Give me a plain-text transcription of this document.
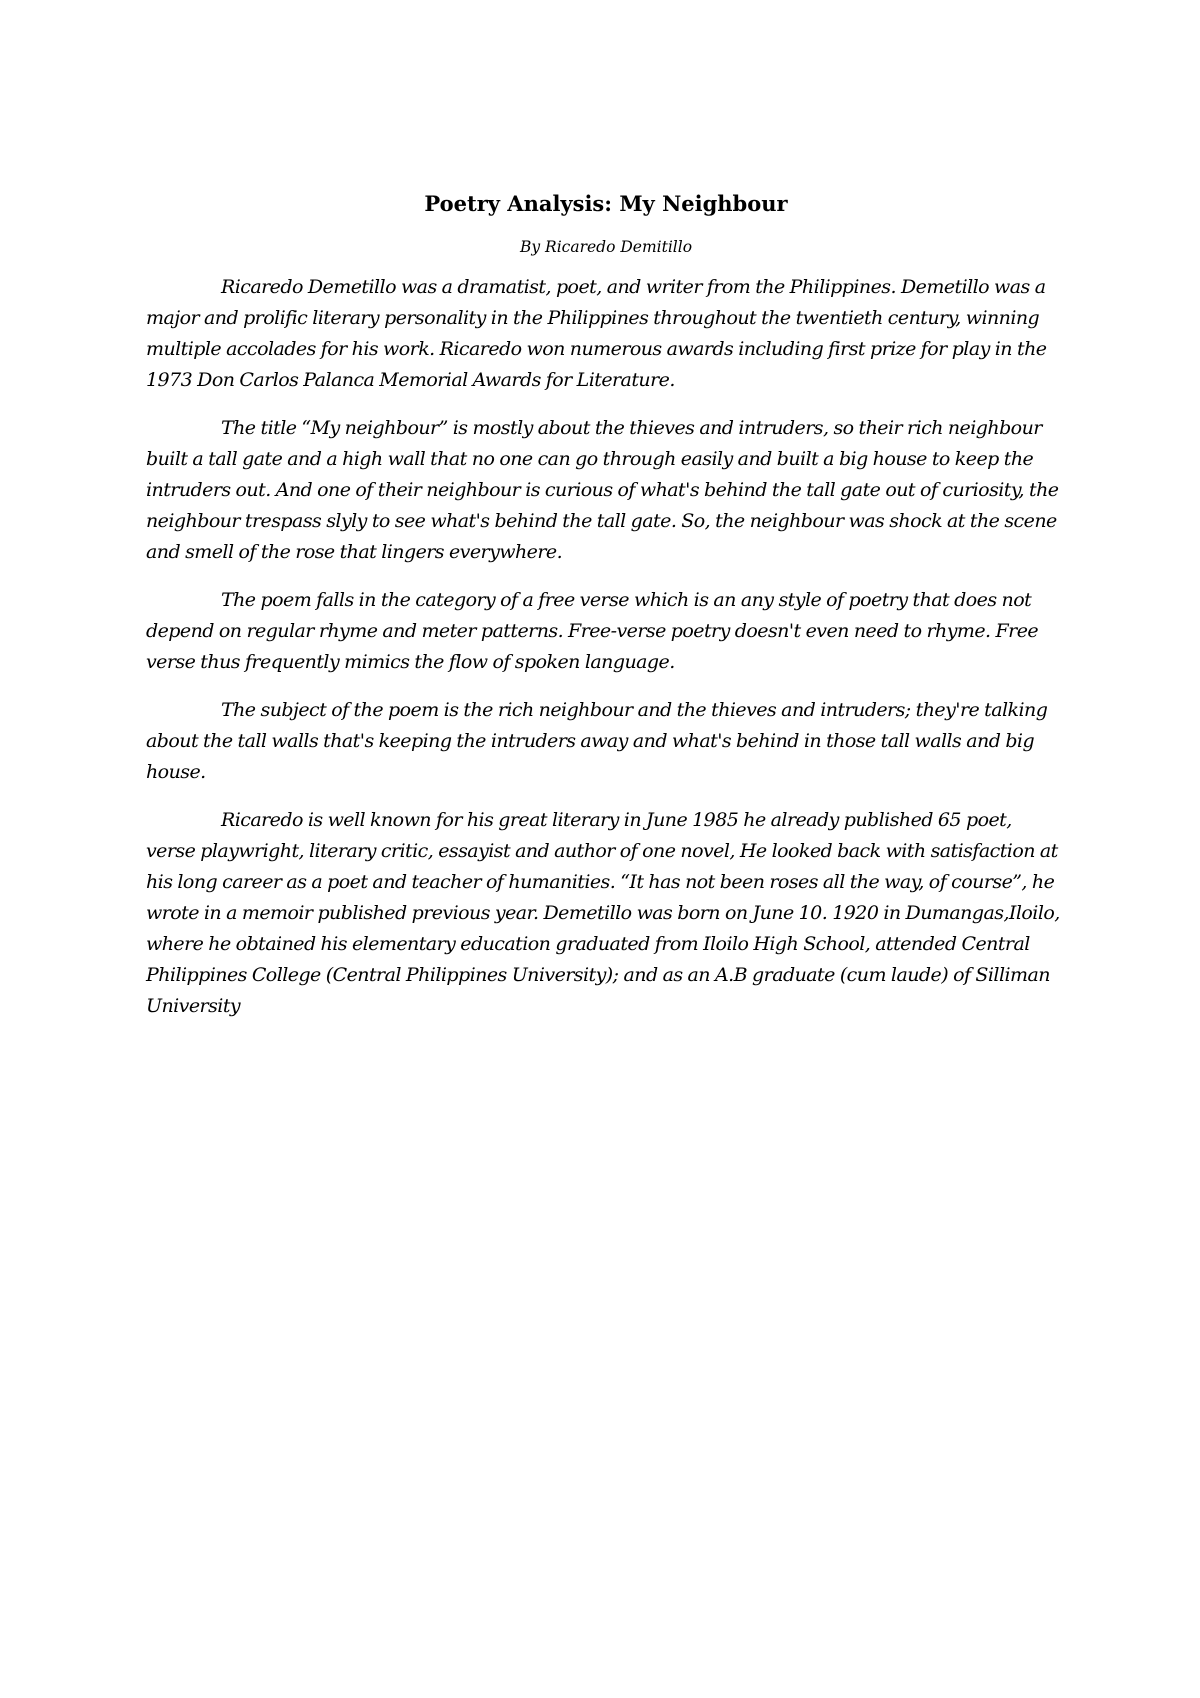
Poetry Analysis: My Neighbour

By Ricaredo Demitillo

Ricaredo Demetillo was a dramatist, poet, and writer from the Philippines. Demetillo was a major and prolific literary personality in the Philippines throughout the twentieth century, winning multiple accolades for his work. Ricaredo won numerous awards including first prize for play in the 1973 Don Carlos Palanca Memorial Awards for Literature.

The title “My neighbour” is mostly about the thieves and intruders, so their rich neighbour built a tall gate and a high wall that no one can go through easily and built a big house to keep the intruders out. And one of their neighbour is curious of what's behind the tall gate out of curiosity, the neighbour trespass slyly to see what's behind the tall gate. So, the neighbour was shock at the scene and smell of the rose that lingers everywhere.

The poem falls in the category of a free verse which is an any style of poetry that does not depend on regular rhyme and meter patterns. Free-verse poetry doesn't even need to rhyme. Free verse thus frequently mimics the flow of spoken language.

The subject of the poem is the rich neighbour and the thieves and intruders; they're talking about the tall walls that's keeping the intruders away and what's behind in those tall walls and big house.

Ricaredo is well known for his great literary in June 1985 he already published 65 poet, verse playwright, literary critic, essayist and author of one novel, He looked back with satisfaction at his long career as a poet and teacher of humanities. “It has not been roses all the way, of course”, he wrote in a memoir published previous year. Demetillo was born on June 10. 1920 in Dumangas,Iloilo, where he obtained his elementary education graduated from Iloilo High School, attended Central Philippines College (Central Philippines University); and as an A.B graduate (cum laude) of Silliman University
